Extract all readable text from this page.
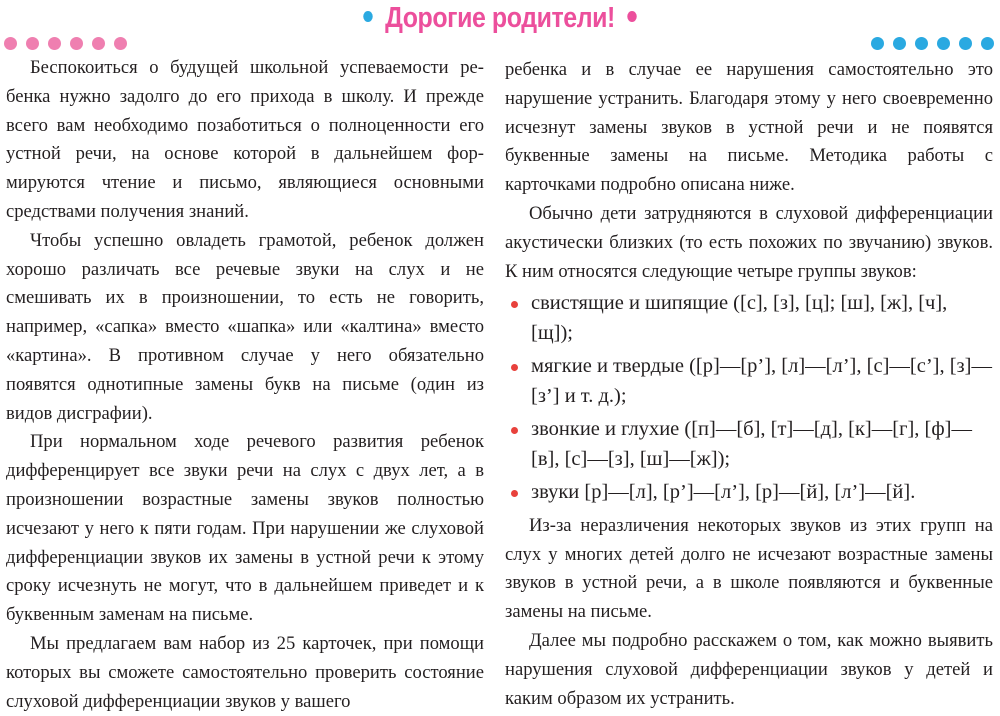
Дорогие родители!

Беспокоиться о будущей школьной успеваемости ребенка нужно задолго до его прихода в школу. И прежде всего вам необходимо позаботиться о полноценности его устной речи, на основе которой в дальнейшем формируются чтение и письмо, являющиеся основными средствами получения знаний.

Чтобы успешно овладеть грамотой, ребенок должен хорошо различать все речевые звуки на слух и не смешивать их в произношении, то есть не говорить, например, «сапка» вместо «шапка» или «калтина» вместо «картина». В противном случае у него обязательно появятся однотипные замены букв на письме (один из видов дисграфии).

При нормальном ходе речевого развития ребенок дифференцирует все звуки речи на слух с двух лет, а в произношении возрастные замены звуков полностью исчезают у него к пяти годам. При нарушении же слуховой дифференциации звуков их замены в устной речи к этому сроку исчезнуть не могут, что в дальнейшем приведет и к буквенным заменам на письме.

Мы предлагаем вам набор из 25 карточек, при помощи которых вы сможете самостоятельно проверить состояние слуховой дифференциации звуков у вашего

ребенка и в случае ее нарушения самостоятельно это нарушение устранить. Благодаря этому у него своевременно исчезнут замены звуков в устной речи и не появятся буквенные замены на письме. Методика работы с карточками подробно описана ниже.

Обычно дети затрудняются в слуховой дифференциации акустически близких (то есть похожих по звучанию) звуков. К ним относятся следующие четыре группы звуков:

свистящие и шипящие ([с], [з], [ц]; [ш], [ж], [ч], [щ]);
мягкие и твердые ([р]—[р’], [л]—[л’], [с]—[с’], [з]—[з’] и т. д.);
звонкие и глухие ([п]—[б], [т]—[д], [к]—[г], [ф]—[в], [с]—[з], [ш]—[ж]);
звуки [р]—[л], [р’]—[л’], [р]—[й], [л’]—[й].

Из-за неразличения некоторых звуков из этих групп на слух у многих детей долго не исчезают возрастные замены звуков в устной речи, а в школе появляются и буквенные замены на письме.

Далее мы подробно расскажем о том, как можно выявить нарушения слуховой дифференциации звуков у детей и каким образом их устранить.
